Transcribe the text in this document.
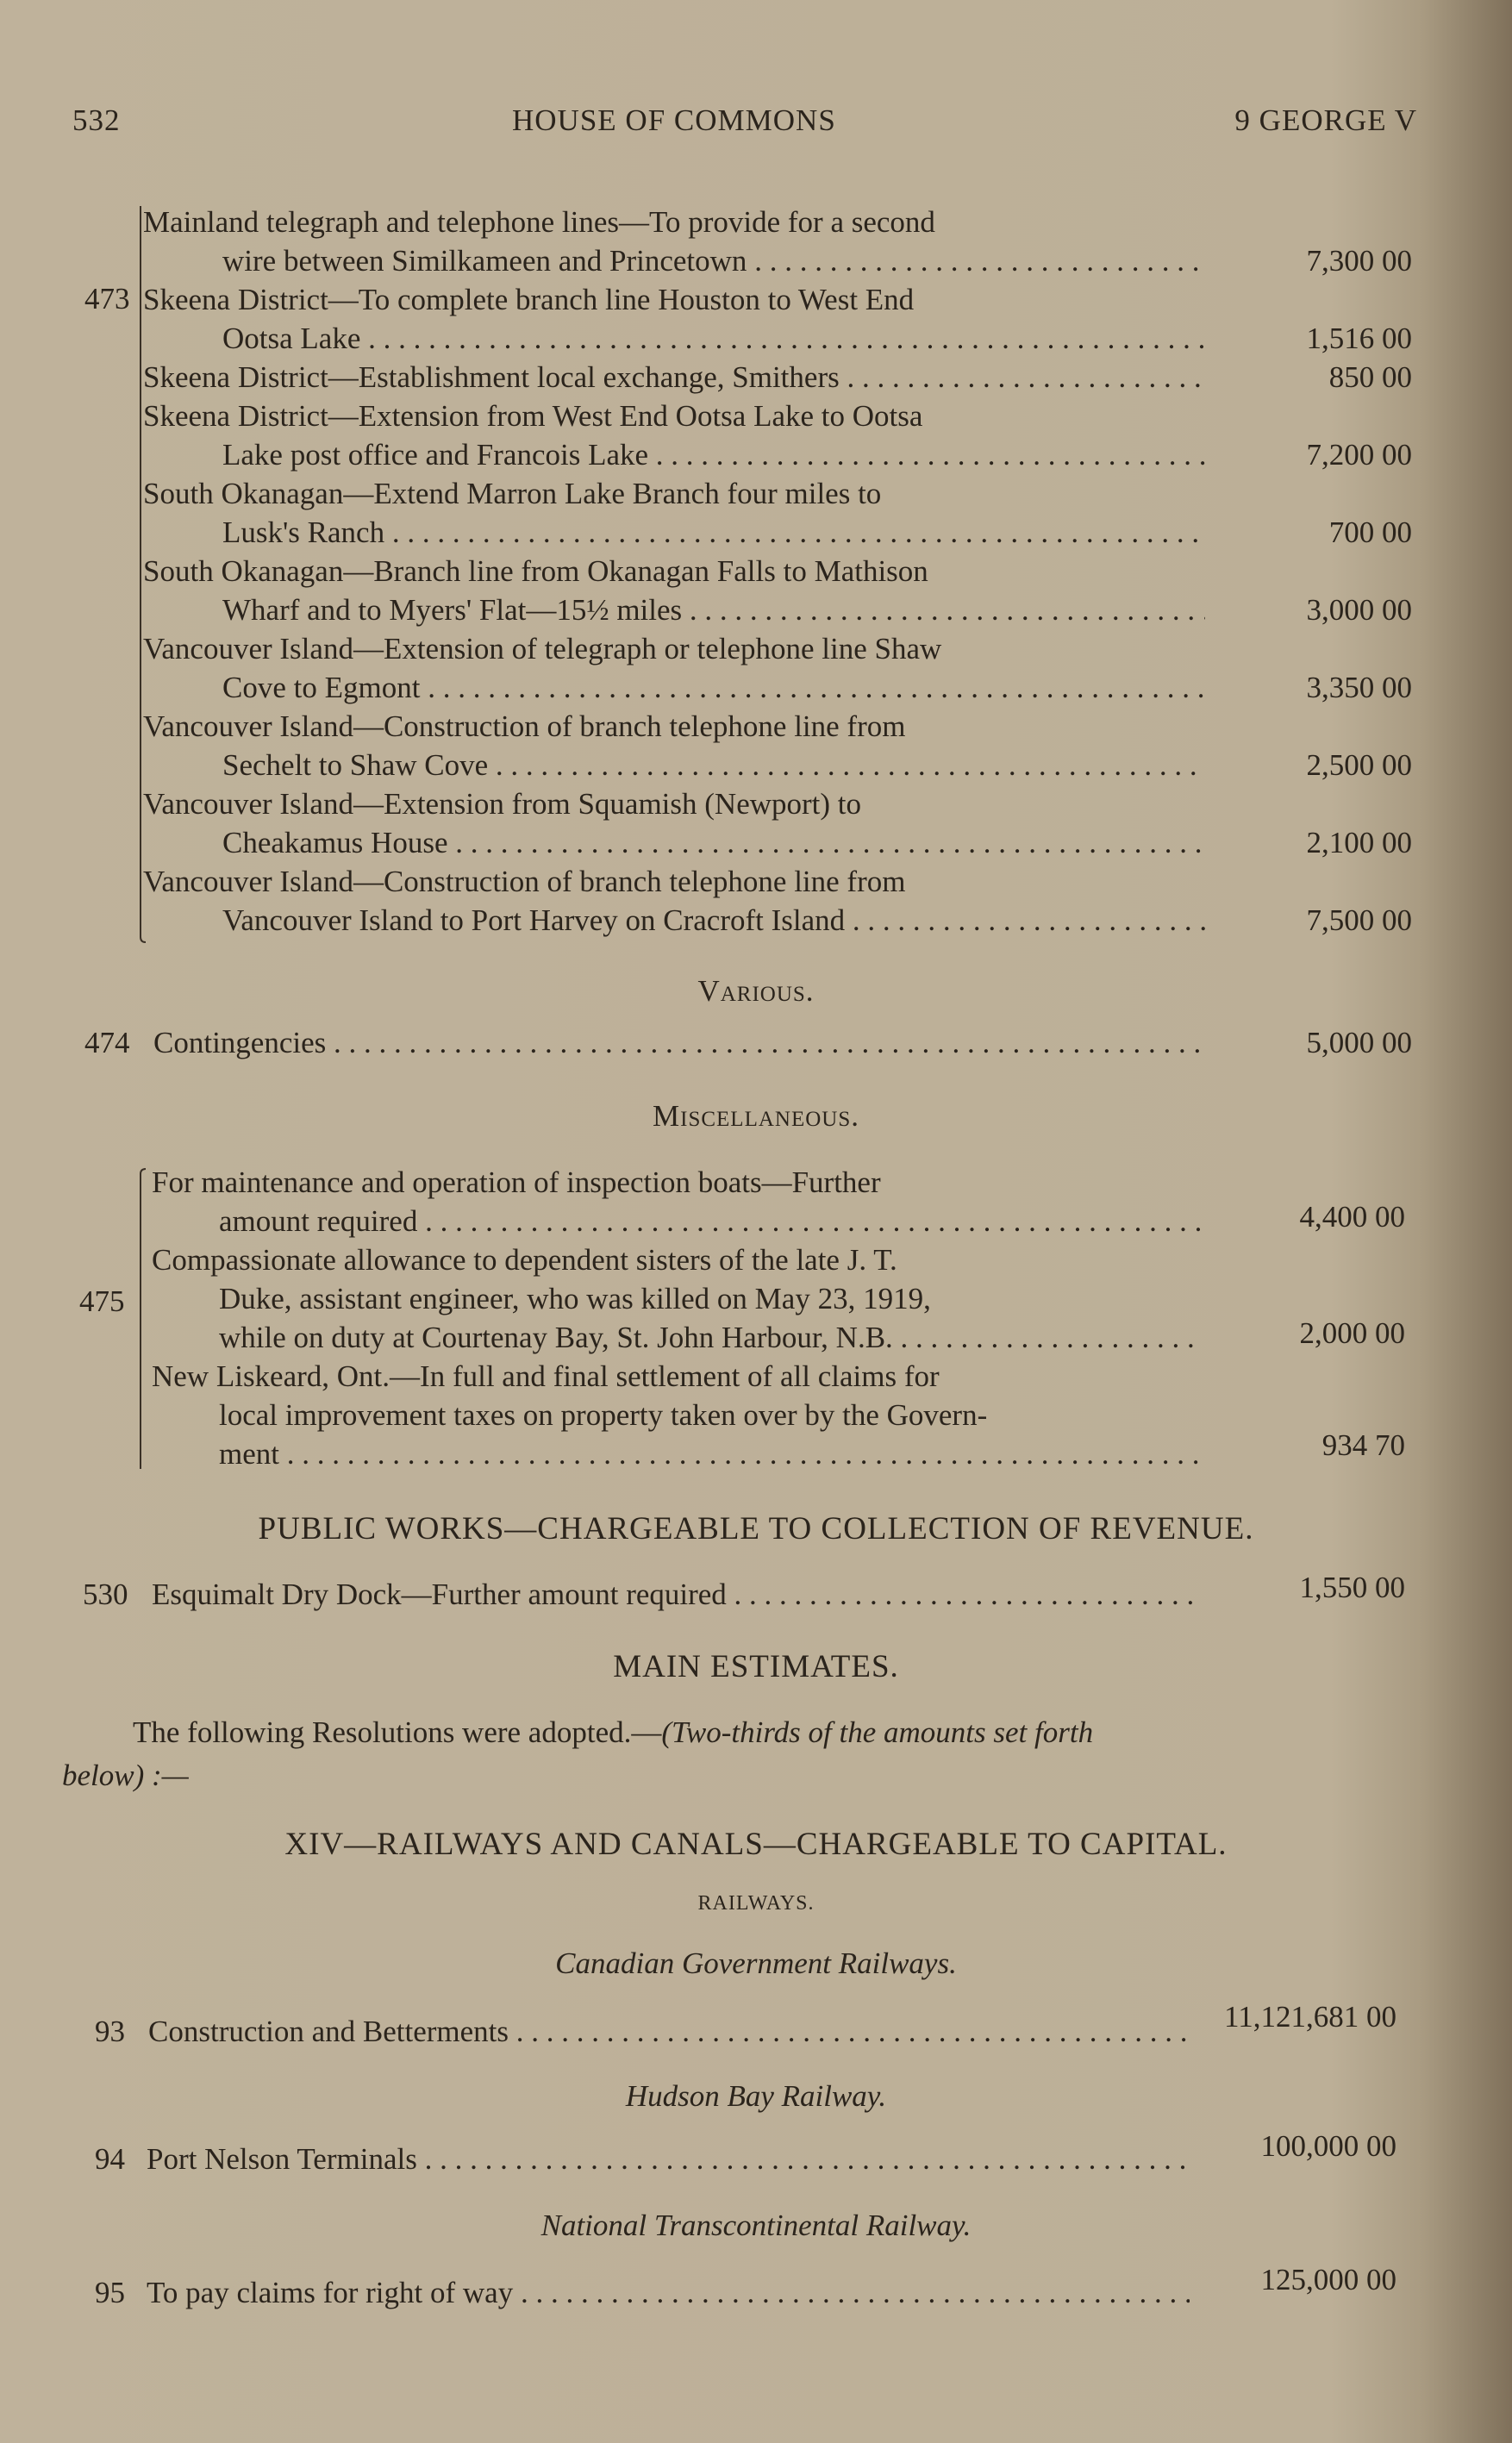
532	HOUSE OF COMMONS	9 GEORGE V
473
Mainland telegraph and telephone lines—To provide for a second
wire between Similkameen and Princetown . . .	7,300 00
Skeena District—To complete branch line Houston to West End
Ootsa Lake . . .	1,516 00
Skeena District—Establishment local exchange, Smithers . . .	850 00
Skeena District—Extension from West End Ootsa Lake to Ootsa
Lake post office and Francois Lake . . .	7,200 00
South Okanagan—Extend Marron Lake Branch four miles to
Lusk's Ranch . . .	700 00
South Okanagan—Branch line from Okanagan Falls to Mathison
Wharf and to Myers' Flat—15½ miles . . .	3,000 00
Vancouver Island—Extension of telegraph or telephone line Shaw
Cove to Egmont . . .	3,350 00
Vancouver Island—Construction of branch telephone line from
Sechelt to Shaw Cove . . .	2,500 00
Vancouver Island—Extension from Squamish (Newport) to
Cheakamus House . . .	2,100 00
Vancouver Island—Construction of branch telephone line from
Vancouver Island to Port Harvey on Cracroft Island . . .	7,500 00
Various.
474 Contingencies . . .	5,000 00
Miscellaneous.
475
For maintenance and operation of inspection boats—Further
amount required . . .	4,400 00
Compassionate allowance to dependent sisters of the late J. T.
Duke, assistant engineer, who was killed on May 23, 1919,
while on duty at Courtenay Bay, St. John Harbour, N.B. . . .	2,000 00
New Liskeard, Ont.—In full and final settlement of all claims for
local improvement taxes on property taken over by the Govern-
ment . . .	934 70
PUBLIC WORKS—CHARGEABLE TO COLLECTION OF REVENUE.
530 Esquimalt Dry Dock—Further amount required . . .	1,550 00
MAIN ESTIMATES.
The following Resolutions were adopted.—(Two-thirds of the amounts set forth
below) :—
XIV—RAILWAYS AND CANALS—CHARGEABLE TO CAPITAL.
RAILWAYS.
Canadian Government Railways.
93 Construction and Betterments . . .	11,121,681 00
Hudson Bay Railway.
94 Port Nelson Terminals . . .	100,000 00
National Transcontinental Railway.
95 To pay claims for right of way . . .	125,000 00
